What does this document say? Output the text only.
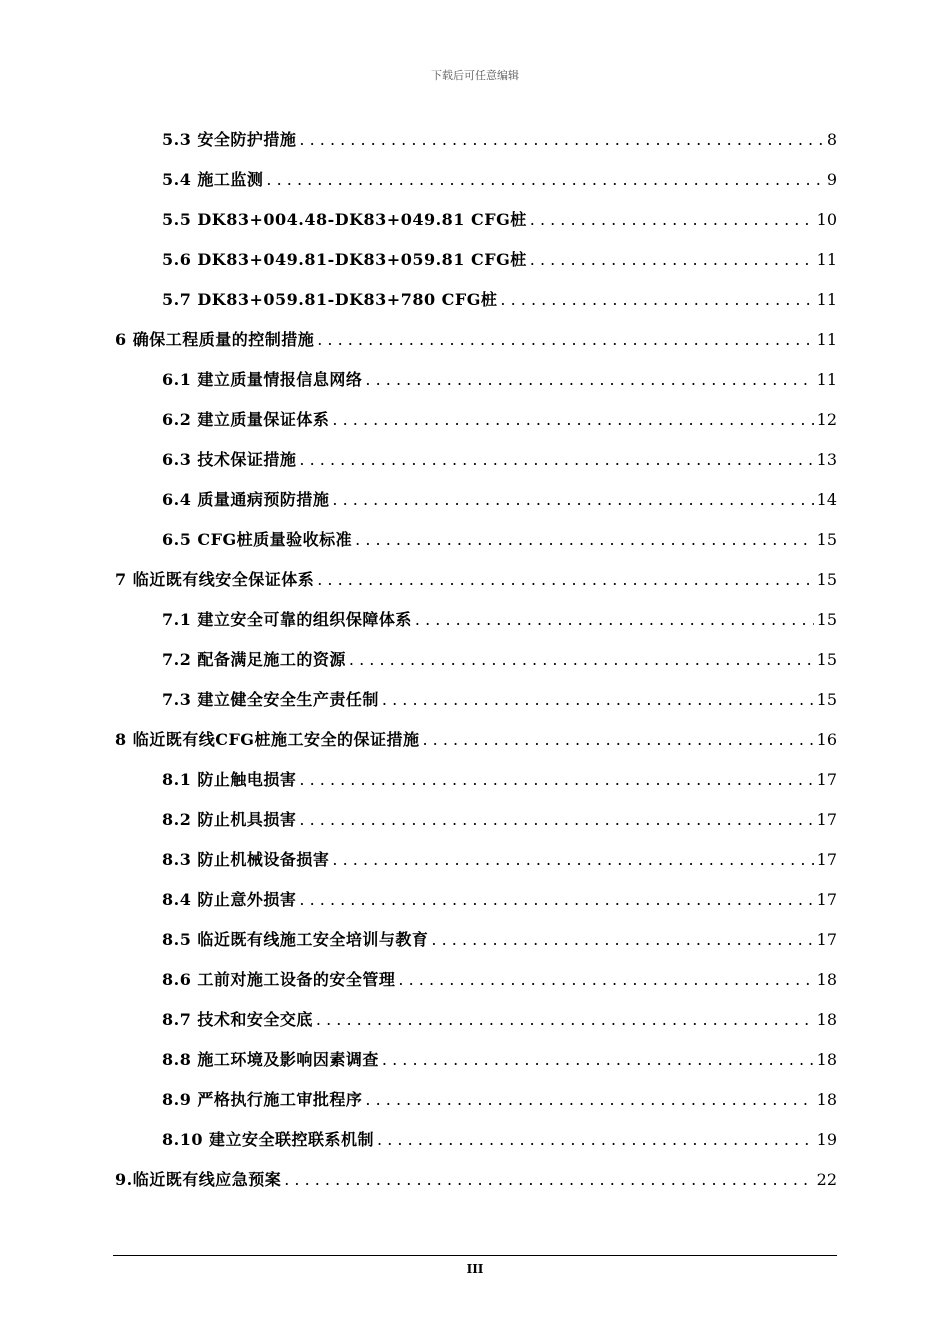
下载后可任意编辑
5.3 安全防护措施 . . .	8
5.4 施工监测 . . .	9
5.5 DK83+004.48-DK83+049.81 CFG桩 . . .	10
5.6 DK83+049.81-DK83+059.81 CFG桩 . . .	11
5.7 DK83+059.81-DK83+780 CFG桩 . . .	11
6 确保工程质量的控制措施 . . .	11
6.1 建立质量情报信息网络 . . .	11
6.2 建立质量保证体系 . . .	12
6.3 技术保证措施 . . .	13
6.4 质量通病预防措施 . . .	14
6.5 CFG桩质量验收标准 . . .	15
7 临近既有线安全保证体系 . . .	15
7.1 建立安全可靠的组织保障体系 . . .	15
7.2 配备满足施工的资源 . . .	15
7.3 建立健全安全生产责任制 . . .	15
8 临近既有线CFG桩施工安全的保证措施 . . .	16
8.1 防止触电损害 . . .	17
8.2 防止机具损害 . . .	17
8.3 防止机械设备损害 . . .	17
8.4 防止意外损害 . . .	17
8.5 临近既有线施工安全培训与教育 . . .	17
8.6 工前对施工设备的安全管理 . . .	18
8.7 技术和安全交底 . . .	18
8.8 施工环境及影响因素调查 . . .	18
8.9 严格执行施工审批程序 . . .	18
8.10 建立安全联控联系机制 . . .	19
9.临近既有线应急预案 . . .	22
III
